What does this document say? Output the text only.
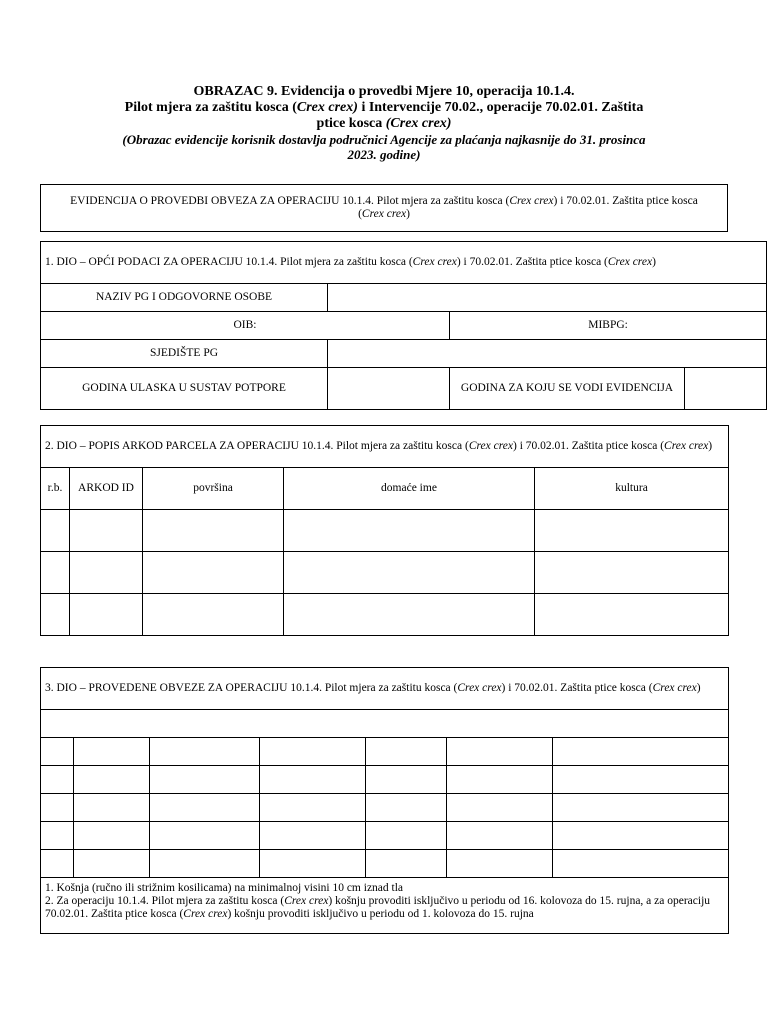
OBRAZAC 9. Evidencija o provedbi Mjere 10, operacija 10.1.4.
Pilot mjera za zaštitu kosca (Crex crex) i Intervencije 70.02., operacije 70.02.01. Zaštita
ptice kosca (Crex crex)
(Obrazac evidencije korisnik dostavlja područnici Agencije za plaćanja najkasnije do 31. prosinca
2023. godine)
EVIDENCIJA O PROVEDBI OBVEZA ZA OPERACIJU 10.1.4. Pilot mjera za zaštitu kosca (Crex crex) i 70.02.01. Zaštita ptice kosca (Crex crex)
1. DIO – OPĆI PODACI ZA OPERACIJU 10.1.4. Pilot mjera za zaštitu kosca (Crex crex) i 70.02.01. Zaštita ptice kosca (Crex crex)			
NAZIV PG I ODGOVORNE OSOBE			
OIB:		MIBPG:	
SJEDIŠTE PG			
GODINA ULASKA U SUSTAV POTPORE		GODINA ZA KOJU SE VODI EVIDENCIJA	
2. DIO – POPIS ARKOD PARCELA ZA OPERACIJU 10.1.4. Pilot mjera za zaštitu kosca (Crex crex) i 70.02.01. Zaštita ptice kosca (Crex crex)				
r.b.	ARKOD ID	površina	domaće ime	kultura

3. DIO – PROVEDENE OBVEZE ZA OPERACIJU 10.1.4. Pilot mjera za zaštitu kosca (Crex crex) i 70.02.01. Zaštita ptice kosca (Crex crex)						

1. Košnja (ručno ili strižnim kosilicama) na minimalnoj visini 10 cm iznad tla
2. Za operaciju 10.1.4. Pilot mjera za zaštitu kosca (Crex crex) košnju provoditi isključivo u periodu od 16. kolovoza do 15. rujna, a za operaciju 70.02.01. Zaštita ptice kosca (Crex crex) košnju provoditi isključivo u periodu od 1. kolovoza do 15. rujna						
